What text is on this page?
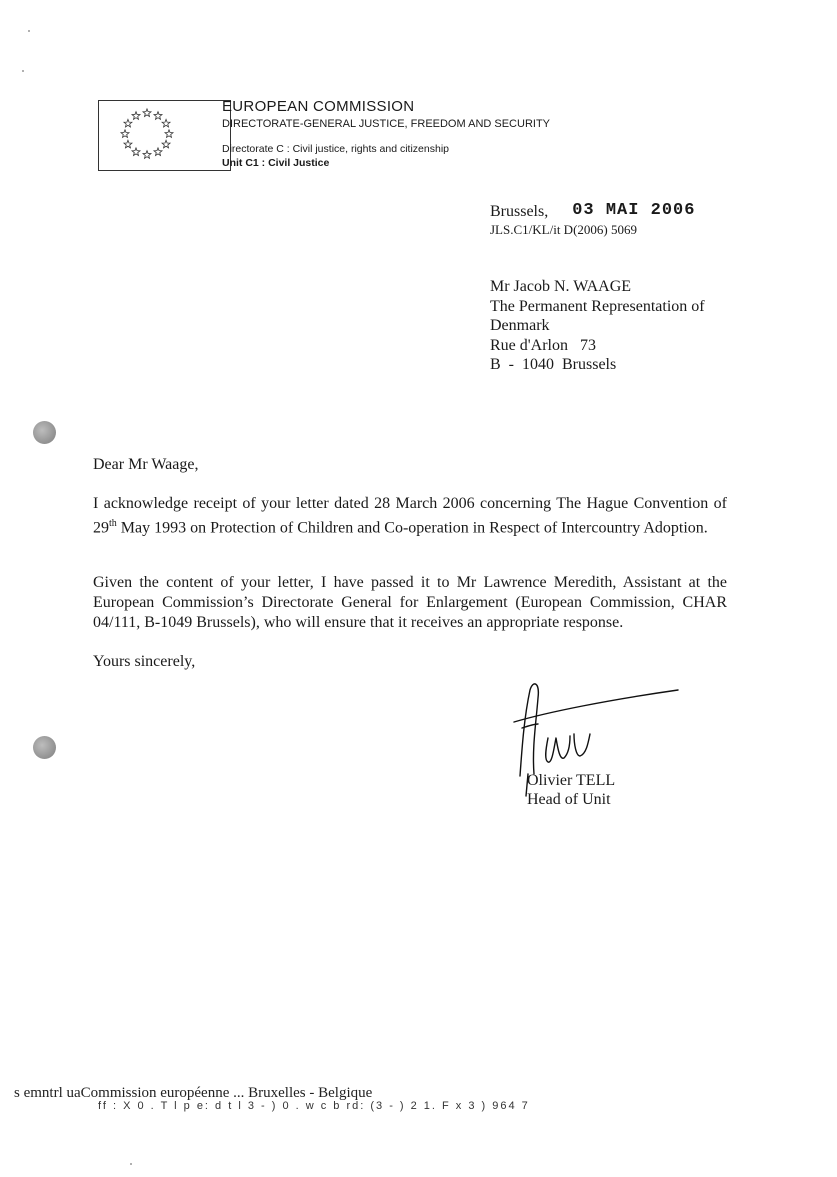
EUROPEAN COMMISSION
DIRECTORATE-GENERAL JUSTICE, FREEDOM AND SECURITY
Directorate C : Civil justice, rights and citizenship
Unit C1 : Civil Justice
Brussels, 03 MAI 2006
JLS.C1/KL/it D(2006) 5069
Mr Jacob N. WAAGE
The Permanent Representation of
Denmark
Rue d'Arlon   73
B  -  1040  Brussels
Dear Mr Waage,
I acknowledge receipt of your letter dated 28 March 2006 concerning The Hague Convention of 29th May 1993 on Protection of Children and Co-operation in Respect of Intercountry Adoption.
Given the content of your letter, I have passed it to Mr Lawrence Meredith, Assistant at the European Commission’s Directorate General for Enlargement (European Commission, CHAR 04/111, B-1049 Brussels), who will ensure that it receives an appropriate response.
Yours sincerely,
Olivier TELL
Head of Unit
s emntrl uaCommission européenne ... Bruxelles - Belgique
ff : X 0 . T l p e: d t l 3 - ) 0 . w c b rd: (3 - ) 2 1. F x 3 ) 964 7
